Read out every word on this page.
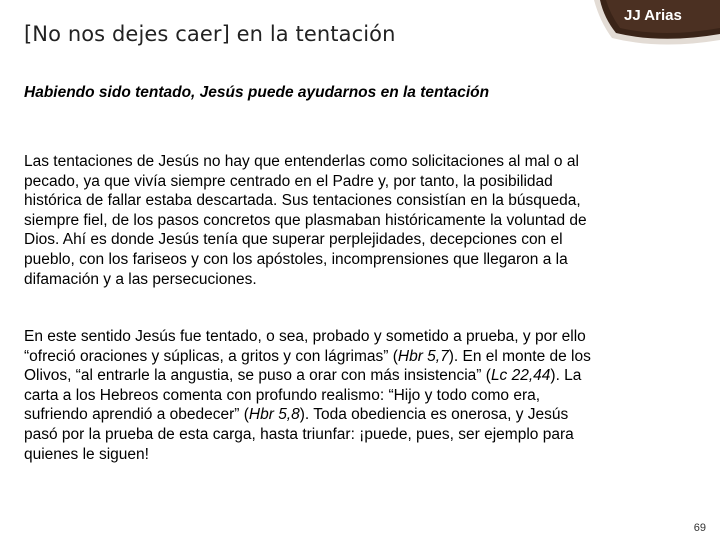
[No nos dejes caer] en la tentación
JJ Arias
Habiendo sido tentado, Jesús puede ayudarnos en la tentación
Las tentaciones de Jesús no hay que entenderlas como solicitaciones al mal o al
pecado, ya que vivía siempre centrado en el Padre y, por tanto, la posibilidad
histórica de fallar estaba descartada. Sus tentaciones consistían en la búsqueda,
siempre fiel, de los pasos concretos que plasmaban históricamente la voluntad de
Dios. Ahí es donde Jesús tenía que superar perplejidades, decepciones con el
pueblo, con los fariseos y con los apóstoles, incomprensiones que llegaron a la
difamación y a las persecuciones.
En este sentido Jesús fue tentado, o sea, probado y sometido a prueba, y por ello
“ofreció oraciones y súplicas, a gritos y con lágrimas” (Hbr 5,7). En el monte de los
Olivos, “al entrarle la angustia, se puso a orar con más insistencia” (Lc 22,44). La
carta a los Hebreos comenta con profundo realismo: “Hijo y todo como era,
sufriendo aprendió a obedecer” (Hbr 5,8). Toda obediencia es onerosa, y Jesús
pasó por la prueba de esta carga, hasta triunfar: ¡puede, pues, ser ejemplo para
quienes le siguen!
69
